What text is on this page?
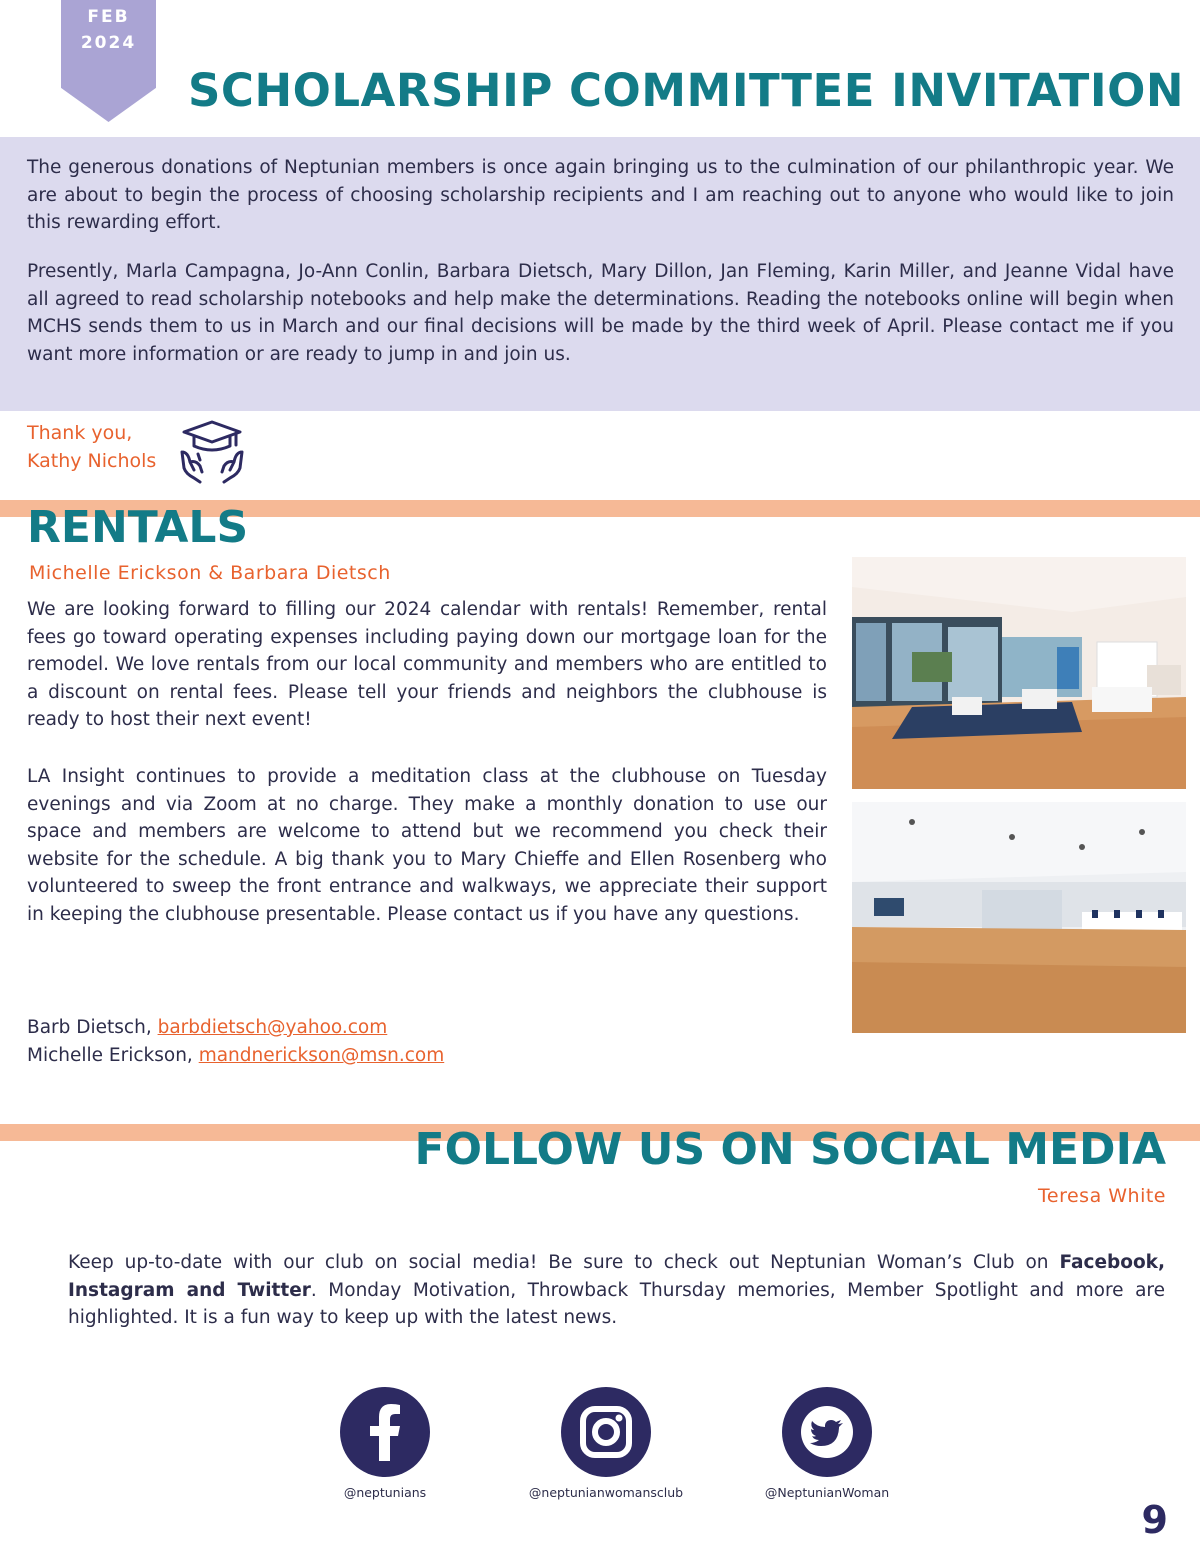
FEB
2024
SCHOLARSHIP COMMITTEE INVITATION
The generous donations of Neptunian members is once again bringing us to the culmination of our philanthropic year. We are about to begin the process of choosing scholarship recipients and I am reaching out to anyone who would like to join this rewarding effort.
Presently, Marla Campagna, Jo-Ann Conlin, Barbara Dietsch, Mary Dillon, Jan Fleming, Karin Miller, and Jeanne Vidal have all agreed to read scholarship notebooks and help make the determinations. Reading the notebooks online will begin when MCHS sends them to us in March and our final decisions will be made by the third week of April. Please contact me if you want more information or are ready to jump in and join us.
Thank you,
Kathy Nichols
RENTALS
Michelle Erickson & Barbara Dietsch
We are looking forward to filling our 2024 calendar with rentals! Remember, rental fees go toward operating expenses including paying down our mortgage loan for the remodel. We love rentals from our local community and members who are entitled to a discount on rental fees. Please tell your friends and neighbors the clubhouse is ready to host their next event!
LA Insight continues to provide a meditation class at the clubhouse on Tuesday evenings and via Zoom at no charge. They make a monthly donation to use our space and members are welcome to attend but we recommend you check their website for the schedule. A big thank you to Mary Chieffe and Ellen Rosenberg who volunteered to sweep the front entrance and walkways, we appreciate their support in keeping the clubhouse presentable. Please contact us if you have any questions.
Barb Dietsch, barbdietsch@yahoo.com
Michelle Erickson, mandnerickson@msn.com
FOLLOW US ON SOCIAL MEDIA
Teresa White
Keep up-to-date with our club on social media! Be sure to check out Neptunian Woman’s Club on Facebook, Instagram and Twitter. Monday Motivation, Throwback Thursday memories, Member Spotlight and more are highlighted. It is a fun way to keep up with the latest news.
@neptunians	@neptunianwomansclub	@NeptunianWoman
9
